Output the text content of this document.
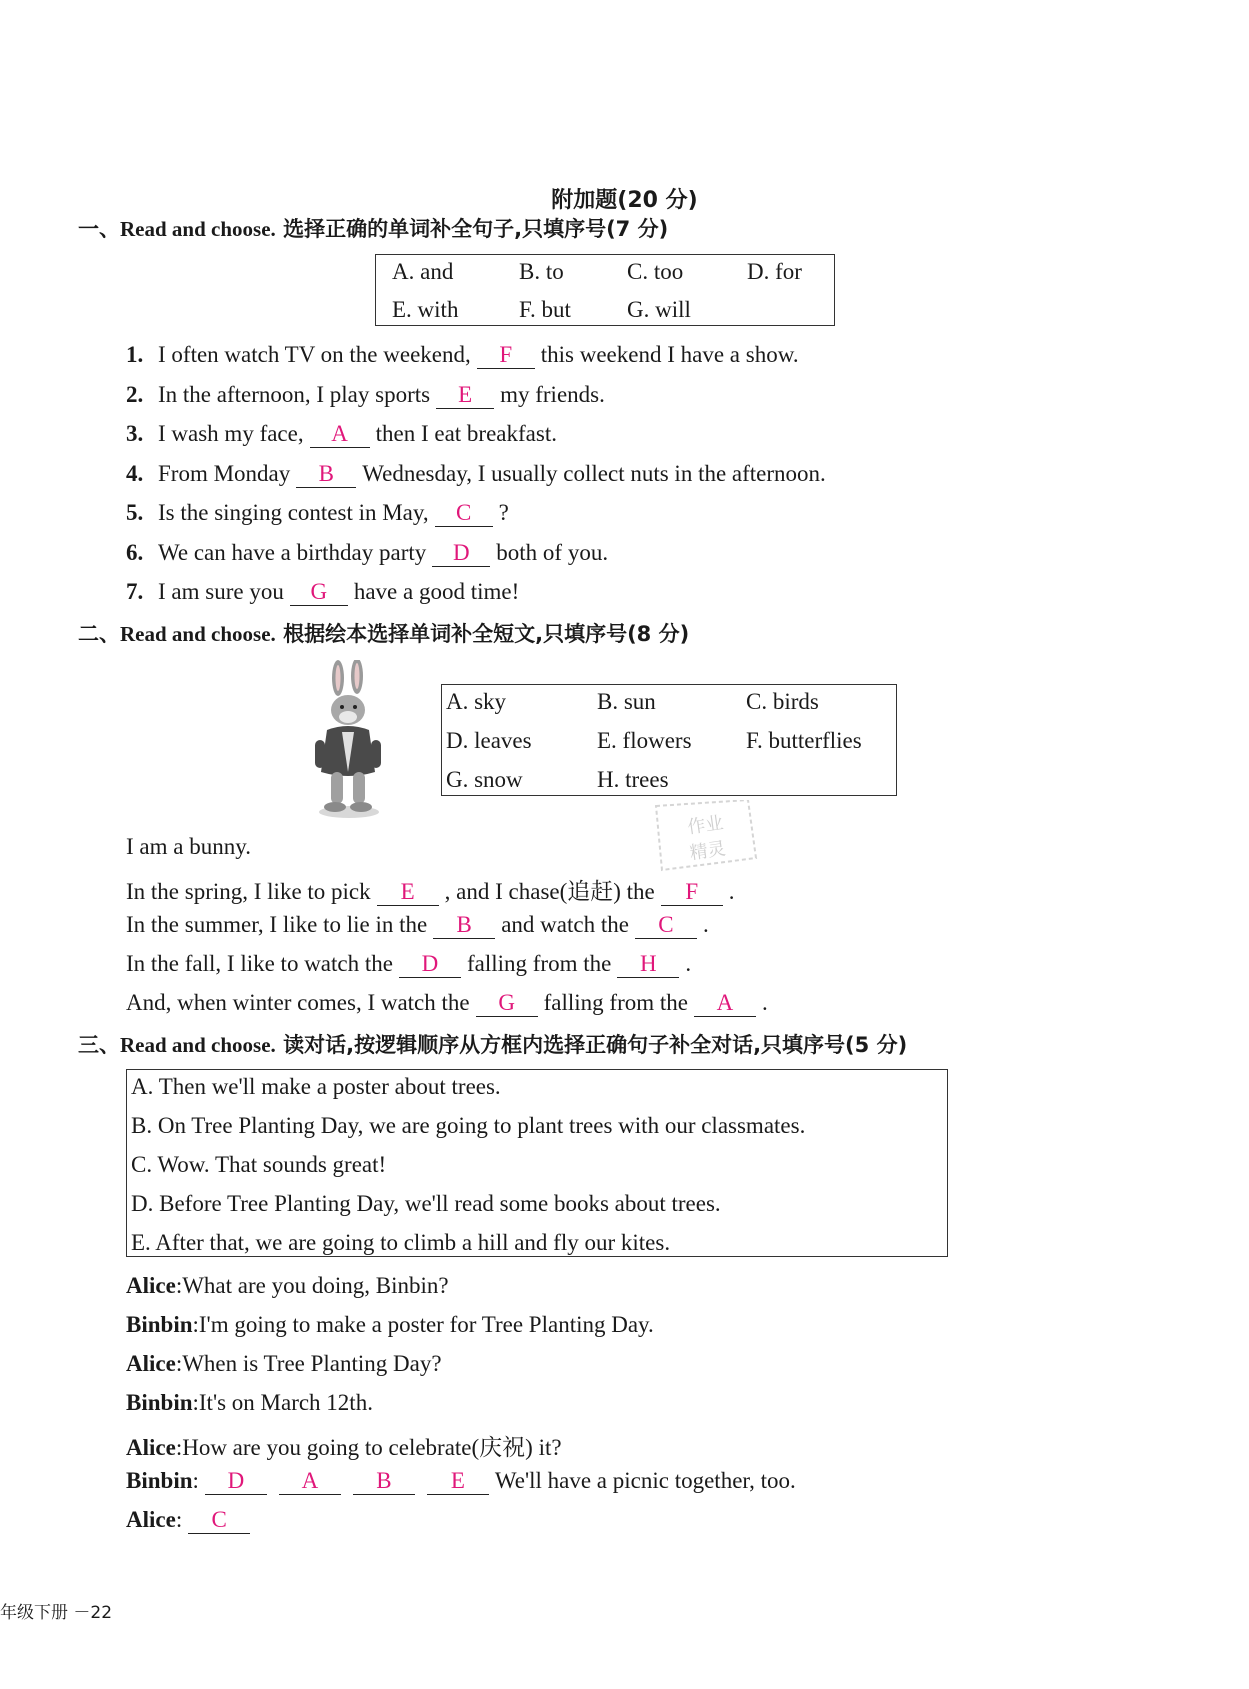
附加题(20 分)
一、Read and choose. 选择正确的单词补全句子,只填序号(7 分)
A. and	B. to	C. too	D. for
E. with	F. but G. will
1. I often watch TV on the weekend, F this weekend I have a show.
2. In the afternoon, I play sports E my friends.
3. I wash my face, A then I eat breakfast.
4. From Monday B Wednesday, I usually collect nuts in the afternoon.
5. Is the singing contest in May, C ?
6. We can have a birthday party D both of you.
7. I am sure you G have a good time!
二、Read and choose. 根据绘本选择单词补全短文,只填序号(8 分)
A. sky	B. sun	C. birds
D. leaves	E. flowers F. butterflies
G. snow	H. trees
作业
精灵
I am a bunny.
In the spring, I like to pick E , and I chase(追赶) the F .
In the summer, I like to lie in the B and watch the C .
In the fall, I like to watch the D falling from the H .
And, when winter comes, I watch the G falling from the A .
三、Read and choose. 读对话,按逻辑顺序从方框内选择正确句子补全对话,只填序号(5 分)
A. Then we'll make a poster about trees.
B. On Tree Planting Day, we are going to plant trees with our classmates.
C. Wow. That sounds great!
D. Before Tree Planting Day, we'll read some books about trees.
E. After that, we are going to climb a hill and fly our kites.
Alice:What are you doing, Binbin?
Binbin:I'm going to make a poster for Tree Planting Day.
Alice:When is Tree Planting Day?
Binbin:It's on March 12th.
Alice:How are you going to celebrate(庆祝) it?
Binbin: D A	B	E We'll have a picnic together, too.
Alice: C
年级下册 －22
